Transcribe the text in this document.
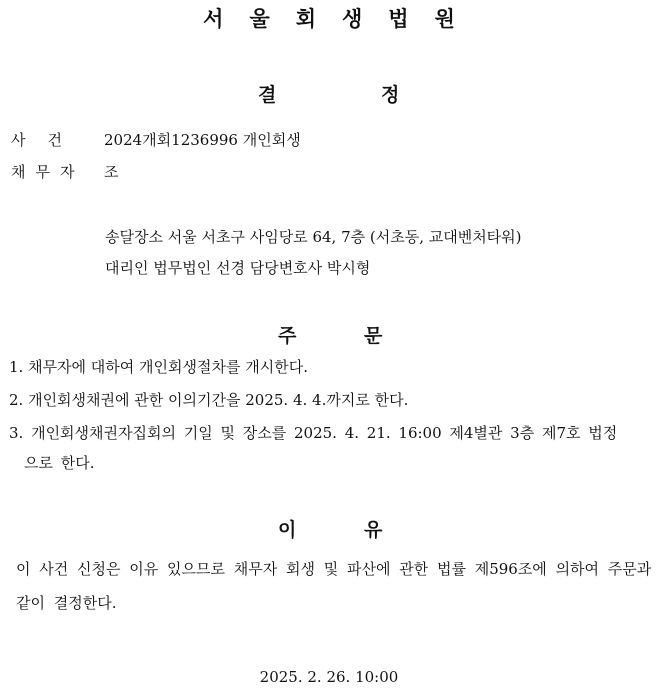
서울회생법원
결	정
사건 2024개회1236996 개인회생
채무자 조
송달장소 서울 서초구 사임당로 64, 7층 (서초동, 교대벤처타워)
대리인 법무법인 선경 담당변호사 박시형
주	문
1. 채무자에 대하여 개인회생절차를 개시한다.
2. 개인회생채권에 관한 이의기간을 2025. 4. 4.까지로 한다.
3. 개인회생채권자집회의 기일 및 장소를 2025. 4. 21. 16:00 제4별관 3층 제7호 법정
으로 한다.
이	유
이 사건 신청은 이유 있으므로 채무자 회생 및 파산에 관한 법률 제596조에 의하여 주문과 같이 결정한다.
2025. 2. 26. 10:00
